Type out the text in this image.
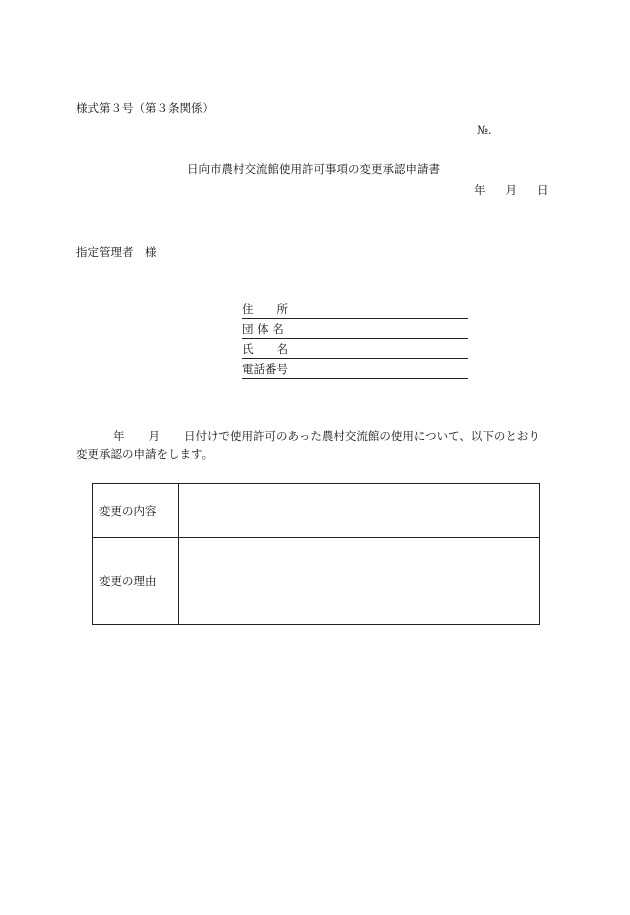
様式第３号（第３条関係）
№.
日向市農村交流館使用許可事項の変更承認申請書
年 月 日
指定管理者　様
住　　所
団 体 名
氏　　名
電話番号
年 月 日付けで使用許可のあった農村交流館の使用について、以下のとおり
変更承認の申請をします。
変更の内容	
変更の理由	
